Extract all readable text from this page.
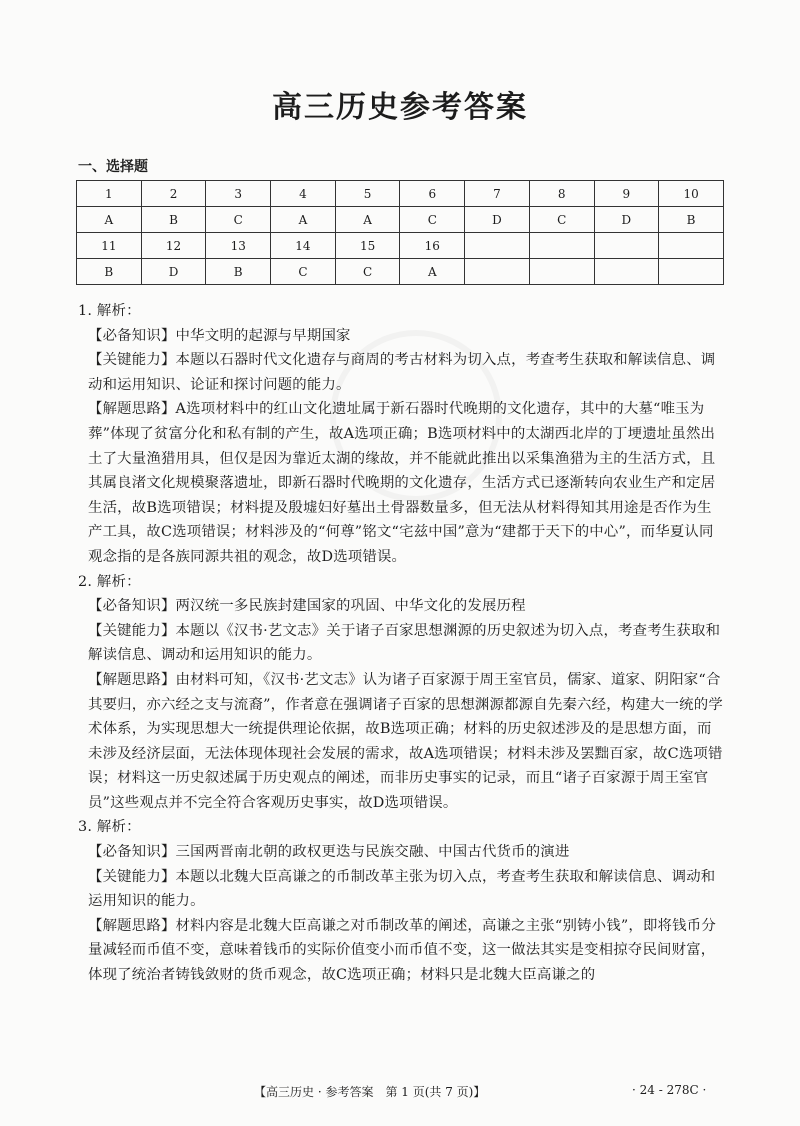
高三历史参考答案
一、选择题
1	2	3	4	5	6	7	8	9	10
A	B	C	A	A	C	D	C	D	B
11	12	13	14	15	16				
B	D	B	C	C	A				

1. 解析：

【必备知识】中华文明的起源与早期国家

【关键能力】本题以石器时代文化遗存与商周的考古材料为切入点，考查考生获取和解读信息、调动和运用知识、论证和探讨问题的能力。

【解题思路】A选项材料中的红山文化遗址属于新石器时代晚期的文化遗存，其中的大墓“唯玉为葬”体现了贫富分化和私有制的产生，故A选项正确；B选项材料中的太湖西北岸的丁埂遗址虽然出土了大量渔猎用具，但仅是因为靠近太湖的缘故，并不能就此推出以采集渔猎为主的生活方式，且其属良渚文化规模聚落遗址，即新石器时代晚期的文化遗存，生活方式已逐渐转向农业生产和定居生活，故B选项错误；材料提及殷墟妇好墓出土骨器数量多，但无法从材料得知其用途是否作为生产工具，故C选项错误；材料涉及的“何尊”铭文“宅兹中国”意为“建都于天下的中心”，而华夏认同观念指的是各族同源共祖的观念，故D选项错误。

2. 解析：

【必备知识】两汉统一多民族封建国家的巩固、中华文化的发展历程

【关键能力】本题以《汉书·艺文志》关于诸子百家思想渊源的历史叙述为切入点，考查考生获取和解读信息、调动和运用知识的能力。

【解题思路】由材料可知，《汉书·艺文志》认为诸子百家源于周王室官员，儒家、道家、阴阳家“合其要归，亦六经之支与流裔”，作者意在强调诸子百家的思想渊源都源自先秦六经，构建大一统的学术体系，为实现思想大一统提供理论依据，故B选项正确；材料的历史叙述涉及的是思想方面，而未涉及经济层面，无法体现体现社会发展的需求，故A选项错误；材料未涉及罢黜百家，故C选项错误；材料这一历史叙述属于历史观点的阐述，而非历史事实的记录，而且“诸子百家源于周王室官员”这些观点并不完全符合客观历史事实，故D选项错误。

3. 解析：

【必备知识】三国两晋南北朝的政权更迭与民族交融、中国古代货币的演进

【关键能力】本题以北魏大臣高谦之的币制改革主张为切入点，考查考生获取和解读信息、调动和运用知识的能力。

【解题思路】材料内容是北魏大臣高谦之对币制改革的阐述，高谦之主张“别铸小钱”，即将钱币分量减轻而币值不变，意味着钱币的实际价值变小而币值不变，这一做法其实是变相掠夺民间财富，体现了统治者铸钱敛财的货币观念，故C选项正确；材料只是北魏大臣高谦之的

【高三历史 · 参考答案　第 1 页(共 7 页)】	· 24 - 278C ·
